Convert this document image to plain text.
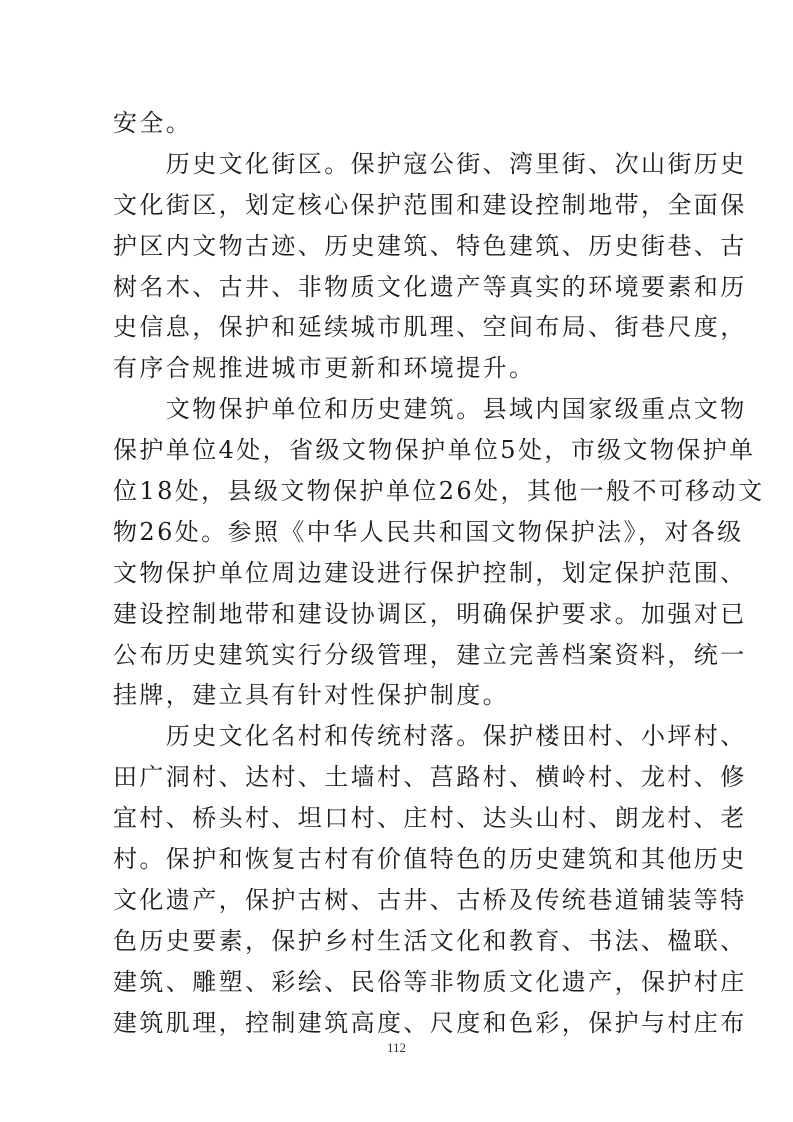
安全。
　　历史文化街区。保护寇公街、湾里街、次山街历史
文化街区，划定核心保护范围和建设控制地带，全面保
护区内文物古迹、历史建筑、特色建筑、历史街巷、古
树名木、古井、非物质文化遗产等真实的环境要素和历
史信息，保护和延续城市肌理、空间布局、街巷尺度，
有序合规推进城市更新和环境提升。
　　文物保护单位和历史建筑。县域内国家级重点文物
保护单位4处，省级文物保护单位5处，市级文物保护单
位18处，县级文物保护单位26处，其他一般不可移动文
物26处。参照《中华人民共和国文物保护法》，对各级
文物保护单位周边建设进行保护控制，划定保护范围、
建设控制地带和建设协调区，明确保护要求。加强对已
公布历史建筑实行分级管理，建立完善档案资料，统一
挂牌，建立具有针对性保护制度。
　　历史文化名村和传统村落。保护楼田村、小坪村、
田广洞村、达村、土墙村、莒路村、横岭村、龙村、修
宜村、桥头村、坦口村、庄村、达头山村、朗龙村、老
村。保护和恢复古村有价值特色的历史建筑和其他历史
文化遗产，保护古树、古井、古桥及传统巷道铺装等特
色历史要素，保护乡村生活文化和教育、书法、楹联、
建筑、雕塑、彩绘、民俗等非物质文化遗产，保护村庄
建筑肌理，控制建筑高度、尺度和色彩，保护与村庄布
112
